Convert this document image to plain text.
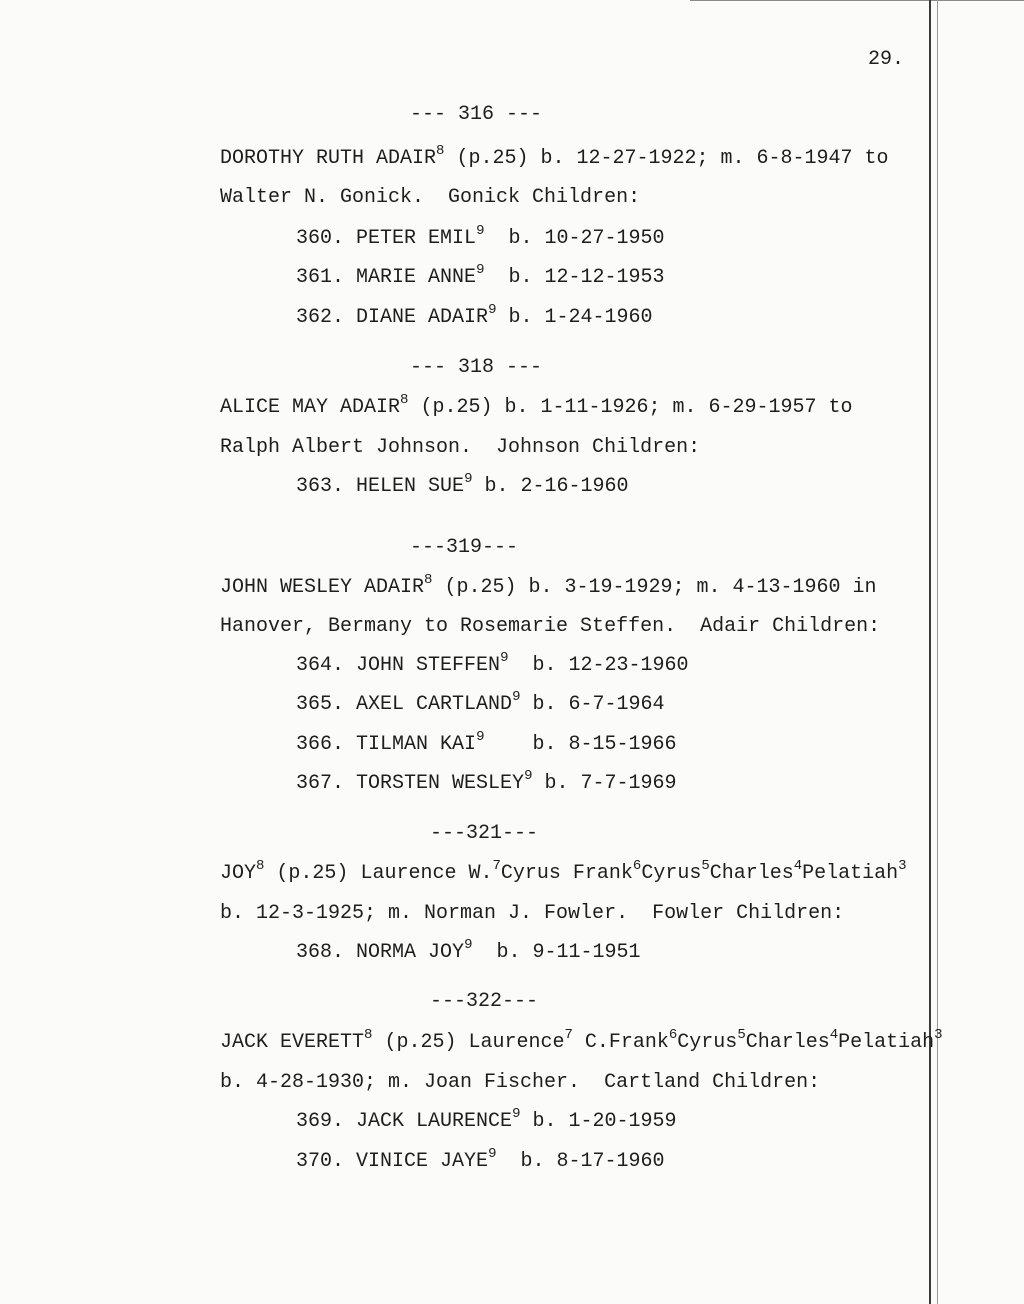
29.
--- 316 ---
DOROTHY RUTH ADAIR$^8$ (p.25) b. 12-27-1922; m. 6-8-1947 to
Walter N. Gonick.  Gonick Children:
360. PETER EMIL$^9$ b. 10-27-1950
361. MARIE ANNE$^9$ b. 12-12-1953
362. DIANE ADAIR$^9$ b. 1-24-1960
--- 318 ---
ALICE MAY ADAIR$^8$ (p.25) b. 1-11-1926; m. 6-29-1957 to
Ralph Albert Johnson.  Johnson Children:
363. HELEN SUE$^9$ b. 2-16-1960
---319---
JOHN WESLEY ADAIR$^8$ (p.25) b. 3-19-1929; m. 4-13-1960 in
Hanover, Bermany to Rosemarie Steffen.  Adair Children:
364. JOHN STEFFEN$^9$ b. 12-23-1960
365. AXEL CARTLAND$^9$ b. 6-7-1964
366. TILMAN KAI$^9$ b. 8-15-1966
367. TORSTEN WESLEY$^9$ b. 7-7-1969
---321---
JOY$^8$ (p.25) Laurence W.$^7$Cyrus Frank$^6$Cyrus$^5$Charles$^4$Pelatiah$^3$
b. 12-3-1925; m. Norman J. Fowler.  Fowler Children:
368. NORMA JOY$^9$ b. 9-11-1951
---322---
JACK EVERETT$^8$ (p.25) Laurence$^7$ C.Frank$^6$Cyrus$^5$Charles$^4$Pelatiah$^3$
b. 4-28-1930; m. Joan Fischer.  Cartland Children:
369. JACK LAURENCE$^9$ b. 1-20-1959
370. VINICE JAYE$^9$ b. 8-17-1960
